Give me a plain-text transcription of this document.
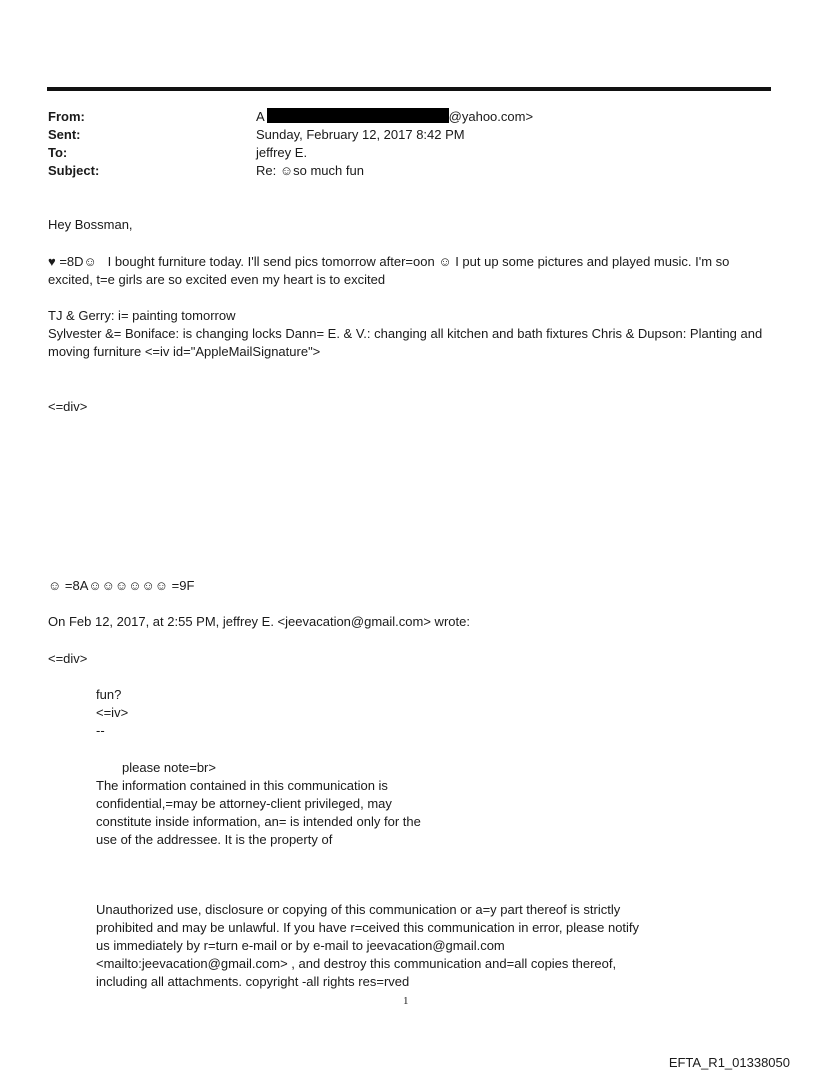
From:	A	@yahoo.com>
Sent:	Sunday, February 12, 2017 8:42 PM
To:	jeffrey E.
Subject:	Re: ☺so much fun
Hey Bossman,
♥ =8D☺   I bought furniture today. I'll send pics tomorrow after=oon ☺ I put up some pictures and played music. I'm so excited, t=e girls are so excited even my heart is to excited
TJ & Gerry: i= painting tomorrow
Sylvester &= Boniface: is changing locks Dann= E. & V.: changing all kitchen and bath fixtures Chris & Dupson: Planting and moving furniture <=iv id="AppleMailSignature">
<=div>
☺ =8A☺☺☺☺☺☺ =9F
On Feb 12, 2017, at 2:55 PM, jeffrey E. <jeevacation@gmail.com> wrote:
<=div>
fun?
<=iv>
--
please note=br>
The information contained in this communication is confidential,=may be attorney-client privileged, may constitute inside information, an= is intended only for the use of the addressee. It is the property of

Unauthorized use, disclosure or copying of this communication or a=y part thereof is strictly prohibited and may be unlawful. If you have r=ceived this communication in error, please notify us immediately by r=turn e-mail or by e-mail to jeevacation@gmail.com <mailto:jeevacation@gmail.com> , and destroy this communication and=all copies thereof, including all attachments. copyright -all rights res=rved

1
EFTA_R1_01338050
